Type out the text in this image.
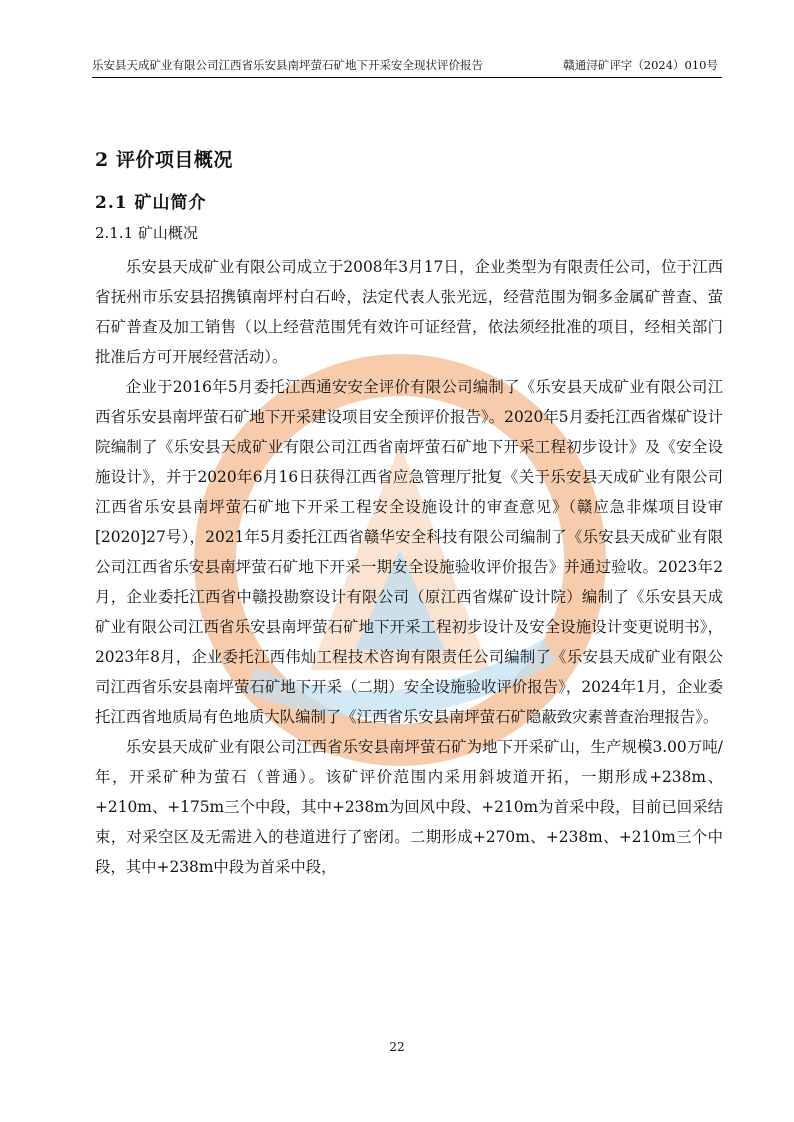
乐安县天成矿业有限公司江西省乐安县南坪萤石矿地下开采安全现状评价报告	赣通浔矿评字（2024）010号
2 评价项目概况
2.1 矿山简介
2.1.1 矿山概况

乐安县天成矿业有限公司成立于2008年3月17日，企业类型为有限责任公司，位于江西省抚州市乐安县招携镇南坪村白石岭，法定代表人张光远，经营范围为铜多金属矿普查、萤石矿普查及加工销售（以上经营范围凭有效许可证经营，依法须经批准的项目，经相关部门批准后方可开展经营活动）。

企业于2016年5月委托江西通安安全评价有限公司编制了《乐安县天成矿业有限公司江西省乐安县南坪萤石矿地下开采建设项目安全预评价报告》。2020年5月委托江西省煤矿设计院编制了《乐安县天成矿业有限公司江西省南坪萤石矿地下开采工程初步设计》及《安全设施设计》，并于2020年6月16日获得江西省应急管理厅批复《关于乐安县天成矿业有限公司江西省乐安县南坪萤石矿地下开采工程安全设施设计的审查意见》（赣应急非煤项目设审[2020]27号），2021年5月委托江西省赣华安全科技有限公司编制了《乐安县天成矿业有限公司江西省乐安县南坪萤石矿地下开采一期安全设施验收评价报告》并通过验收。2023年2月，企业委托江西省中赣投勘察设计有限公司（原江西省煤矿设计院）编制了《乐安县天成矿业有限公司江西省乐安县南坪萤石矿地下开采工程初步设计及安全设施设计变更说明书》，2023年8月，企业委托江西伟灿工程技术咨询有限责任公司编制了《乐安县天成矿业有限公司江西省乐安县南坪萤石矿地下开采（二期）安全设施验收评价报告》，2024年1月，企业委托江西省地质局有色地质大队编制了《江西省乐安县南坪萤石矿隐蔽致灾素普查治理报告》。

乐安县天成矿业有限公司江西省乐安县南坪萤石矿为地下开采矿山，生产规模3.00万吨/年，开采矿种为萤石（普通）。该矿评价范围内采用斜坡道开拓，一期形成+238m、+210m、+175m三个中段，其中+238m为回风中段、+210m为首采中段，目前已回采结束，对采空区及无需进入的巷道进行了密闭。二期形成+270m、+238m、+210m三个中段，其中+238m中段为首采中段，

22
